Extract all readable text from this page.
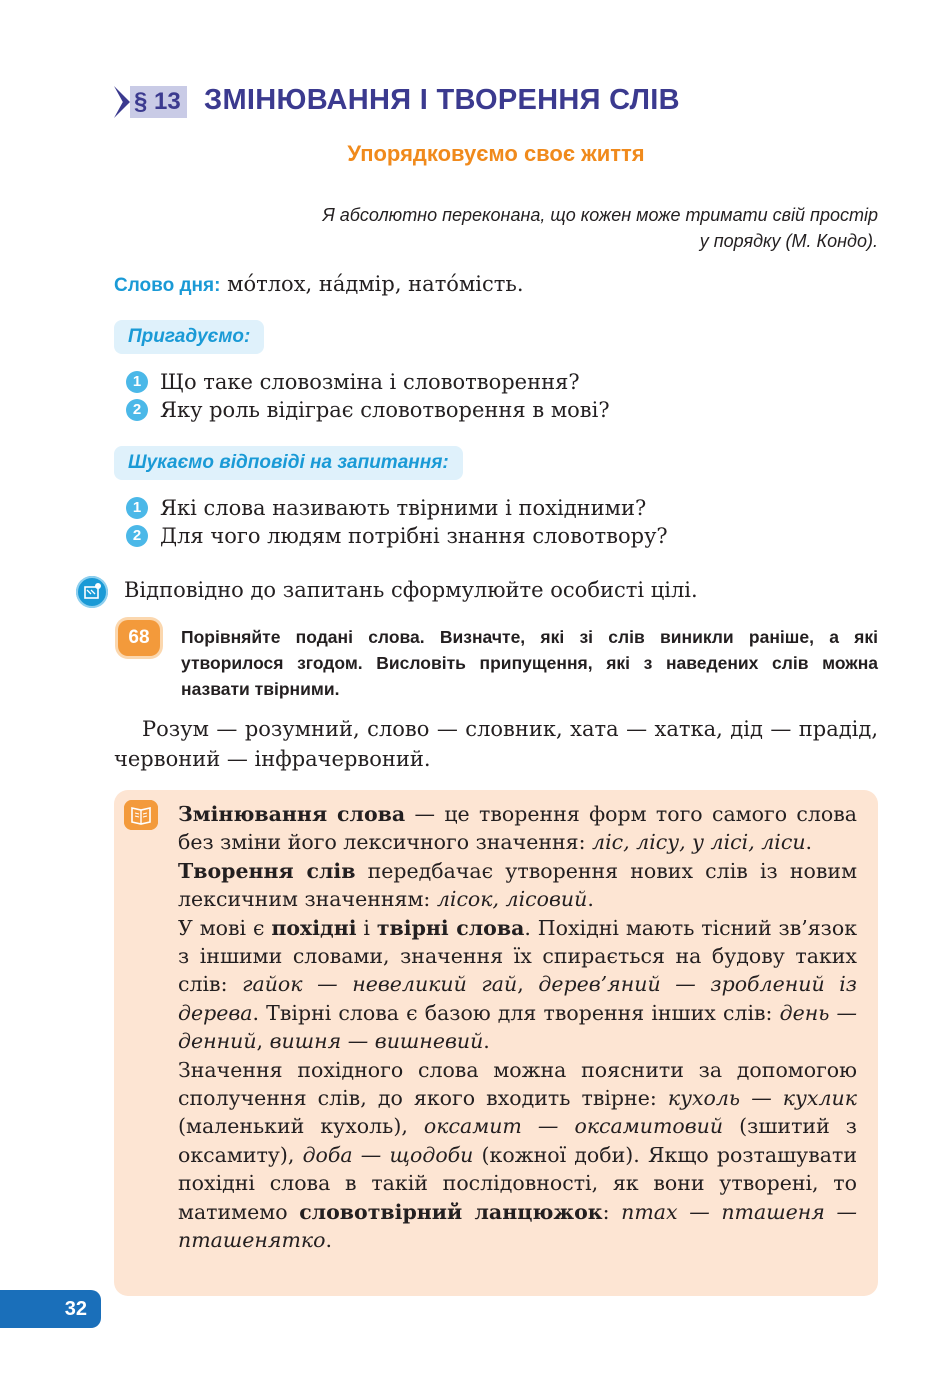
§ 13 ЗМІНЮВАННЯ І ТВОРЕННЯ СЛІВ
Упорядковуємо своє життя
Я абсолютно переконана, що кожен може тримати свій простір
у порядку (М. Кондо).
Слово дня: мо́тлох, на́дмір, нато́мість.
Пригадуємо:
1 Що таке словозміна і словотворення?
2 Яку роль відіграє словотворення в мові?
Шукаємо відповіді на запитання:
1 Які слова називають твірними і похідними?
2 Для чого людям потрібні знання словотвору?
Відповідно до запитань сформулюйте особисті цілі.
68	Порівняйте подані слова. Визначте, які зі слів виникли раніше, а які утворилося згодом. Висловіть припущення, які з наведених слів можна назвати твірними.
Розум — розумний, слово — словник, хата — хатка, дід — прадід, червоний — інфрачервоний.

Змінювання слова — це творення форм того самого слова без зміни його лексичного значення: ліс, лісу, у лісі, ліси.

Творення слів передбачає утворення нових слів із новим лексичним значенням: лісок, лісовий.

У мові є похідні і твірні слова. Похідні мають тісний зв’язок з іншими словами, значення їх спирається на будову таких слів: гайок — невеликий гай, дерев’яний — зроблений із дерева. Твірні слова є базою для творення інших слів: день — денний, вишня — вишневий.

Значення похідного слова можна пояснити за допомогою сполучення слів, до якого входить твірне: кухоль — кухлик (маленький кухоль), оксамит — оксамитовий (зшитий з оксамиту), доба — щодоби (кожної доби). Якщо розташувати похідні слова в такій послідовності, як вони утворені, то матимемо словотвірний ланцюжок: птах — пташеня — пташенятко.

32
